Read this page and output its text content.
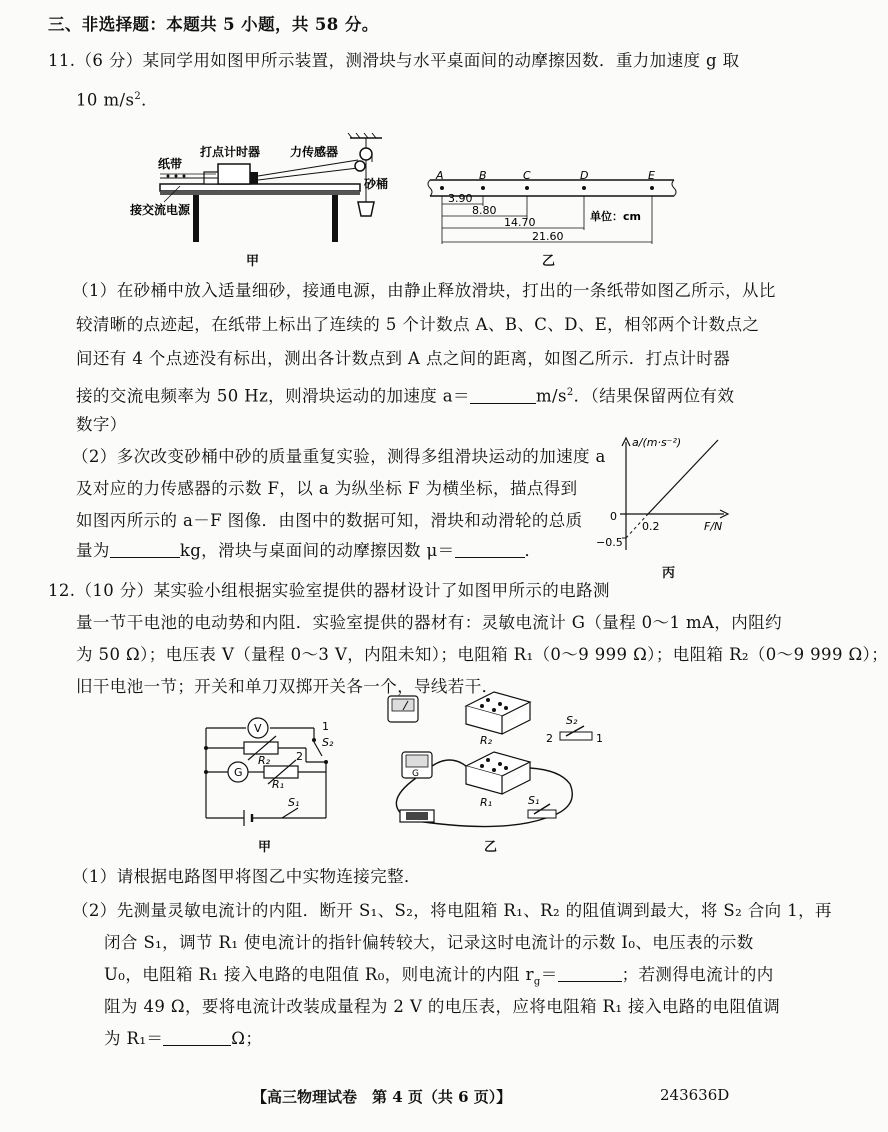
三、非选择题：本题共 5 小题，共 58 分。
11.（6 分）某同学用如图甲所示装置，测滑块与水平桌面间的动摩擦因数．重力加速度 g 取
10 $m/s^2$．
打点计时器
纸带
力传感器
砂桶
接交流电源
甲
A	B	C	D	E
3.90
8.80
14.70
21.60
单位：cm
乙
（1）在砂桶中放入适量细砂，接通电源，由静止释放滑块，打出的一条纸带如图乙所示，从比
较清晰的点迹起，在纸带上标出了连续的 5 个计数点 A、B、C、D、E，相邻两个计数点之
间还有 4 个点迹没有标出，测出各计数点到 A 点之间的距离，如图乙所示．打点计时器
接的交流电频率为 50 Hz，则滑块运动的加速度 a＝	$m/s^2$．（结果保留两位有效
数字）
（2）多次改变砂桶中砂的质量重复实验，测得多组滑块运动的加速度 a
及对应的力传感器的示数 F，以 a 为纵坐标 F 为横坐标，描点得到
如图丙所示的 a－F 图像．由图中的数据可知，滑块和动滑轮的总质
量为	kg，滑块与桌面间的动摩擦因数 μ＝	．
a/(m·s⁻²)
F/N
0
0.2
−0.5
丙
12.（10 分）某实验小组根据实验室提供的器材设计了如图甲所示的电路测
量一节干电池的电动势和内阻．实验室提供的器材有：灵敏电流计 G（量程 0～1 mA，内阻约
为 50 Ω）；电压表 V（量程 0～3 V，内阻未知）；电阻箱 R₁（0～9 999 Ω）；电阻箱 R₂（0～9 999 Ω）；
旧干电池一节；开关和单刀双掷开关各一个，导线若干．
V
G
R₂
R₁
S₁
S₂
1
2
甲
R₂
S₂
2	1
G
R₁	S₁
乙
（1）请根据电路图甲将图乙中实物连接完整．
（2）先测量灵敏电流计的内阻．断开 S₁、S₂，将电阻箱 R₁、R₂ 的阻值调到最大，将 S₂ 合向 1，再
闭合 S₁，调节 R₁ 使电流计的指针偏转较大，记录这时电流计的示数 I₀、电压表的示数
U₀，电阻箱 R₁ 接入电路的电阻值 R₀，则电流计的内阻 $r_g=$	；若测得电流计的内
阻为 49 Ω，要将电流计改装成量程为 2 V 的电压表，应将电阻箱 R₁ 接入电路的电阻值调
为 R₁＝	Ω；
【高三物理试卷　第 4 页（共 6 页）】	243636D
